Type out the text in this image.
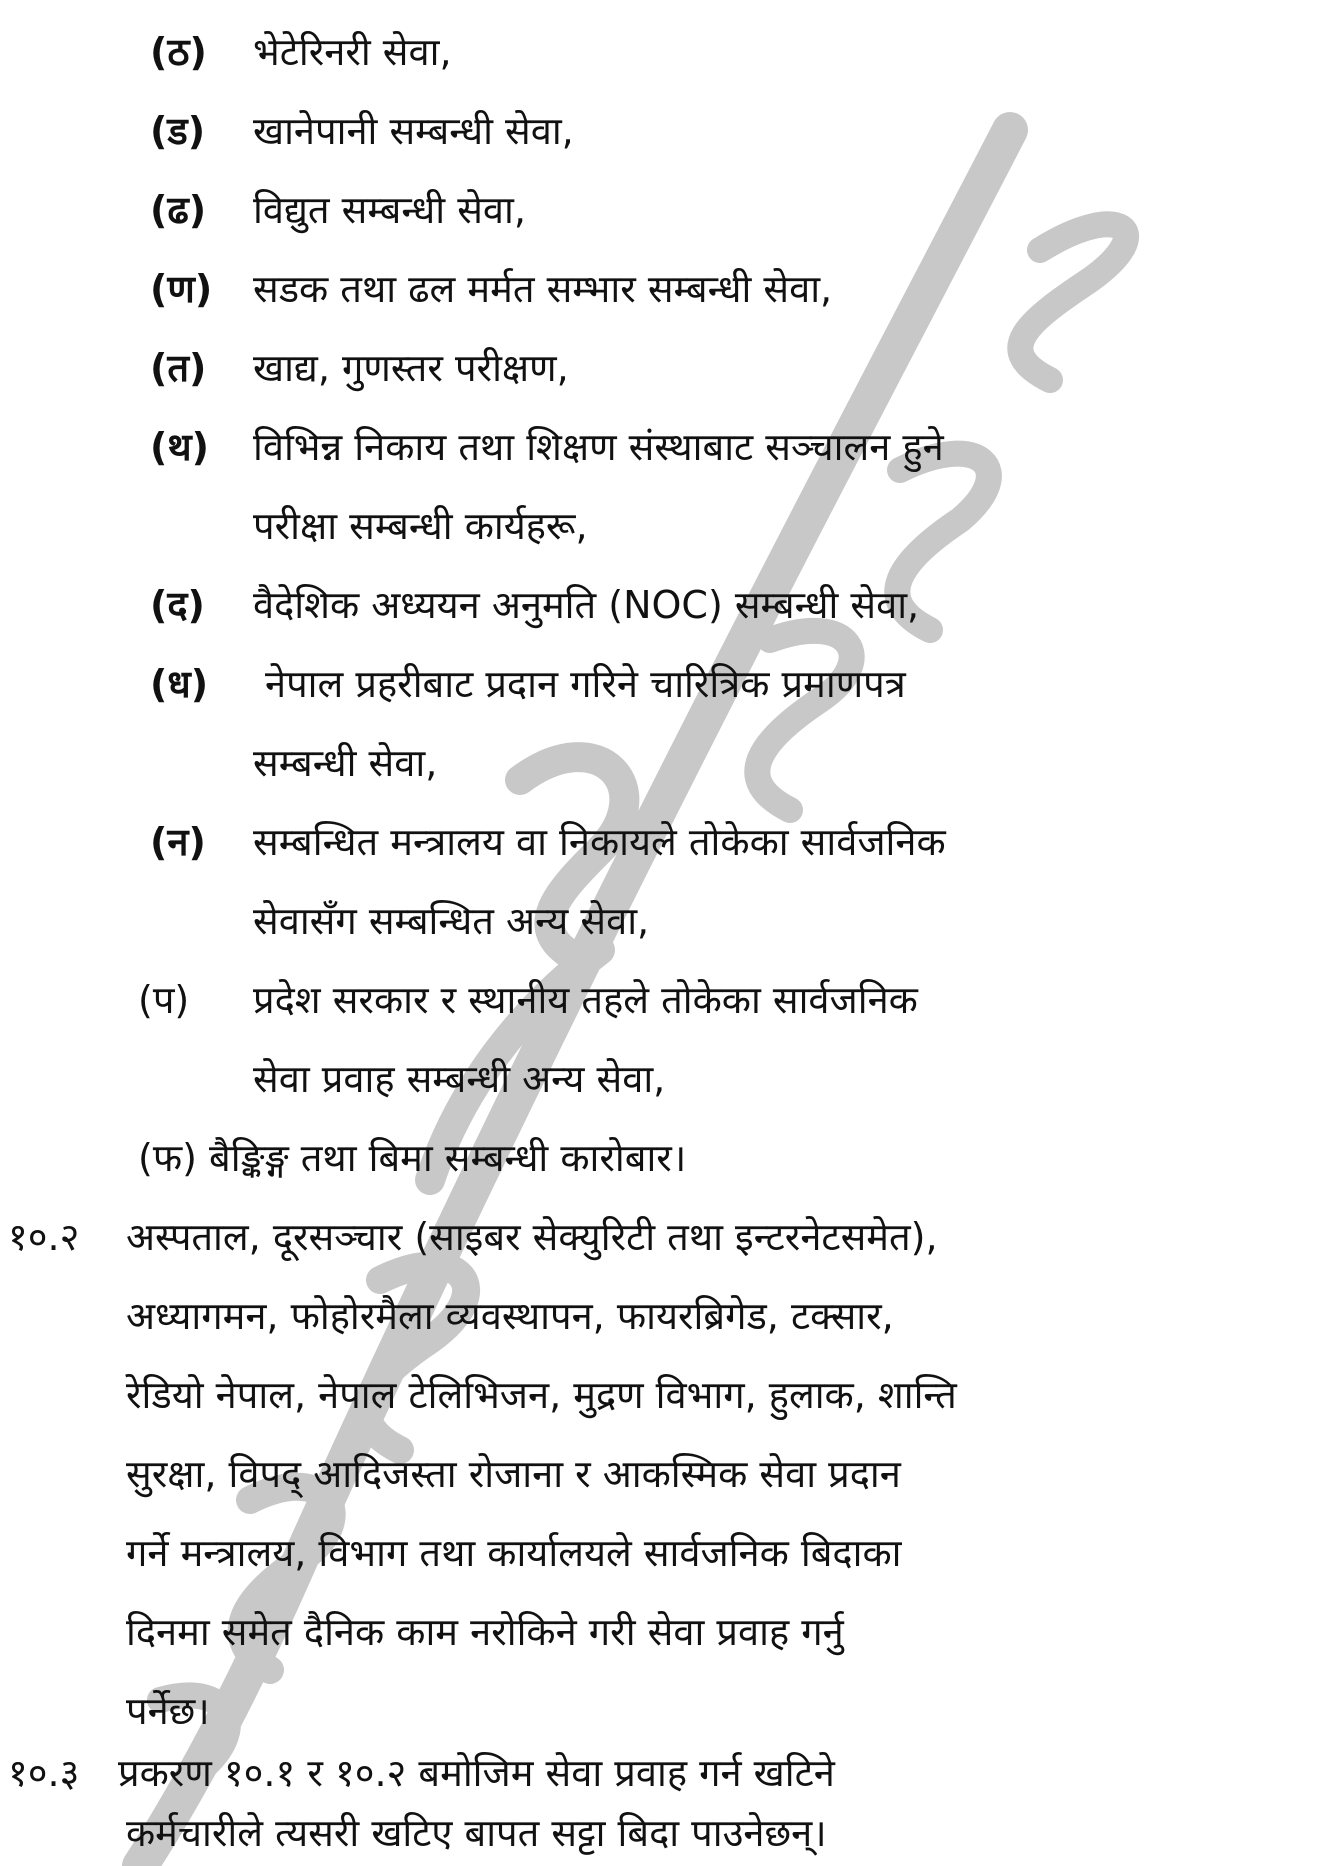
(ठ) भेटेरिनरी सेवा,
(ड) खानेपानी सम्बन्धी सेवा,
(ढ) विद्युत सम्बन्धी सेवा,
(ण) सडक तथा ढल मर्मत सम्भार सम्बन्धी सेवा,
(त) खाद्य, गुणस्तर परीक्षण,
(थ) विभिन्न निकाय तथा शिक्षण संस्थाबाट सञ्चालन हुने
परीक्षा सम्बन्धी कार्यहरू,
(द) वैदेशिक अध्ययन अनुमति (NOC) सम्बन्धी सेवा,
(ध) नेपाल प्रहरीबाट प्रदान गरिने चारित्रिक प्रमाणपत्र
सम्बन्धी सेवा,
(न) सम्बन्धित मन्त्रालय वा निकायले तोकेका सार्वजनिक
सेवासँग सम्बन्धित अन्य सेवा,
(प) प्रदेश सरकार र स्थानीय तहले तोकेका सार्वजनिक
सेवा प्रवाह सम्बन्धी अन्य सेवा,
(फ) बैङ्किङ्ग तथा बिमा सम्बन्धी कारोबार।
१०.२ अस्पताल, दूरसञ्चार (साइबर सेक्युरिटी तथा इन्टरनेटसमेत),
अध्यागमन, फोहोरमैला व्यवस्थापन, फायरब्रिगेड, टक्सार,
रेडियो नेपाल, नेपाल टेलिभिजन, मुद्रण विभाग, हुलाक, शान्ति
सुरक्षा, विपद् आदिजस्ता रोजाना र आकस्मिक सेवा प्रदान
गर्ने मन्त्रालय, विभाग तथा कार्यालयले सार्वजनिक बिदाका
दिनमा समेत दैनिक काम नरोकिने गरी सेवा प्रवाह गर्नु
पर्नेछ।
१०.३ प्रकरण १०.१ र १०.२ बमोजिम सेवा प्रवाह गर्न खटिने
कर्मचारीले त्यसरी खटिए बापत सट्टा बिदा पाउनेछन्।
